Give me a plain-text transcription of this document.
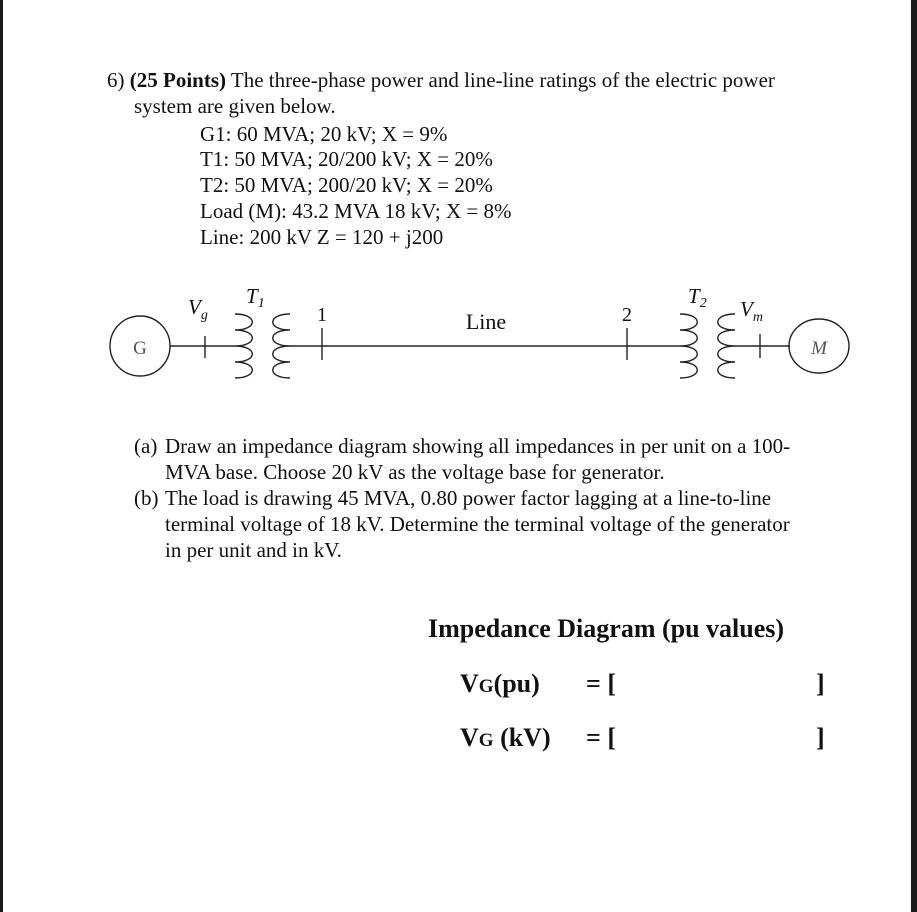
6) (25 Points) The three-phase power and line-line ratings of the electric power
system are given below.
G1: 60 MVA; 20 kV; X = 9%
T1: 50 MVA; 20/200 kV; X = 20%
T2: 50 MVA; 200/20 kV; X = 20%
Load (M): 43.2 MVA 18 kV; X = 8%
Line: 200 kV Z = 120 + j200
G
$V_g$
T1
1	Line	2
T2 $V_m$
M
(a) Draw an impedance diagram showing all impedances in per unit on a 100-
MVA base. Choose 20 kV as the voltage base for generator.
(b) The load is drawing 45 MVA, 0.80 power factor lagging at a line-to-line
terminal voltage of 18 kV. Determine the terminal voltage of the generator
in per unit and in kV.
Impedance Diagram (pu values)
VG(pu) = [	]
VG (kV) = [	]
